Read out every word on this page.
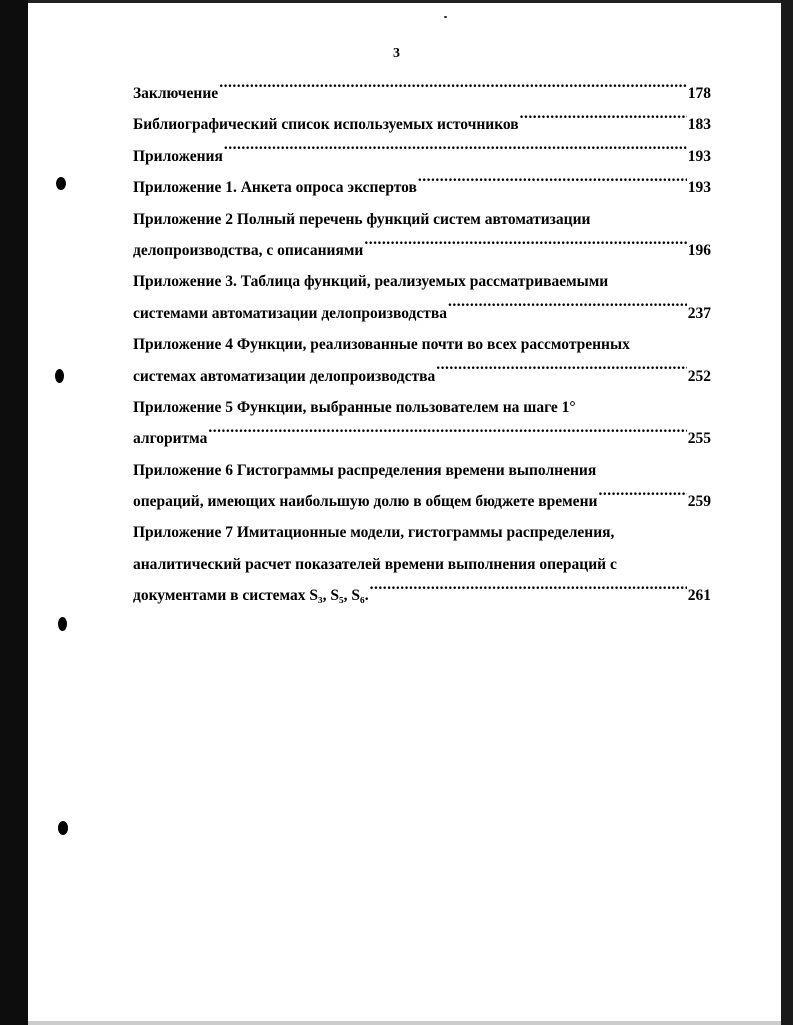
3
Заключение .....	178
Библиографический список используемых источников .....	183
Приложения .....	193
Приложение 1. Анкета опроса экспертов .....	193
Приложение 2 Полный перечень функций систем автоматизации
делопроизводства, с описаниями .....	196
Приложение 3. Таблица функций, реализуемых рассматриваемыми
системами автоматизации делопроизводства .....	237
Приложение 4 Функции, реализованные почти во всех рассмотренных
системах автоматизации делопроизводства .....	252
Приложение 5 Функции, выбранные пользователем на шаге 1°
алгоритма .....	255
Приложение 6 Гистограммы распределения времени выполнения
операций, имеющих наибольшую долю в общем бюджете времени .....	259
Приложение 7 Имитационные модели, гистограммы распределения,
аналитический расчет показателей времени выполнения операций с
документами в системах S₃, S₅, S₆. .....	261
